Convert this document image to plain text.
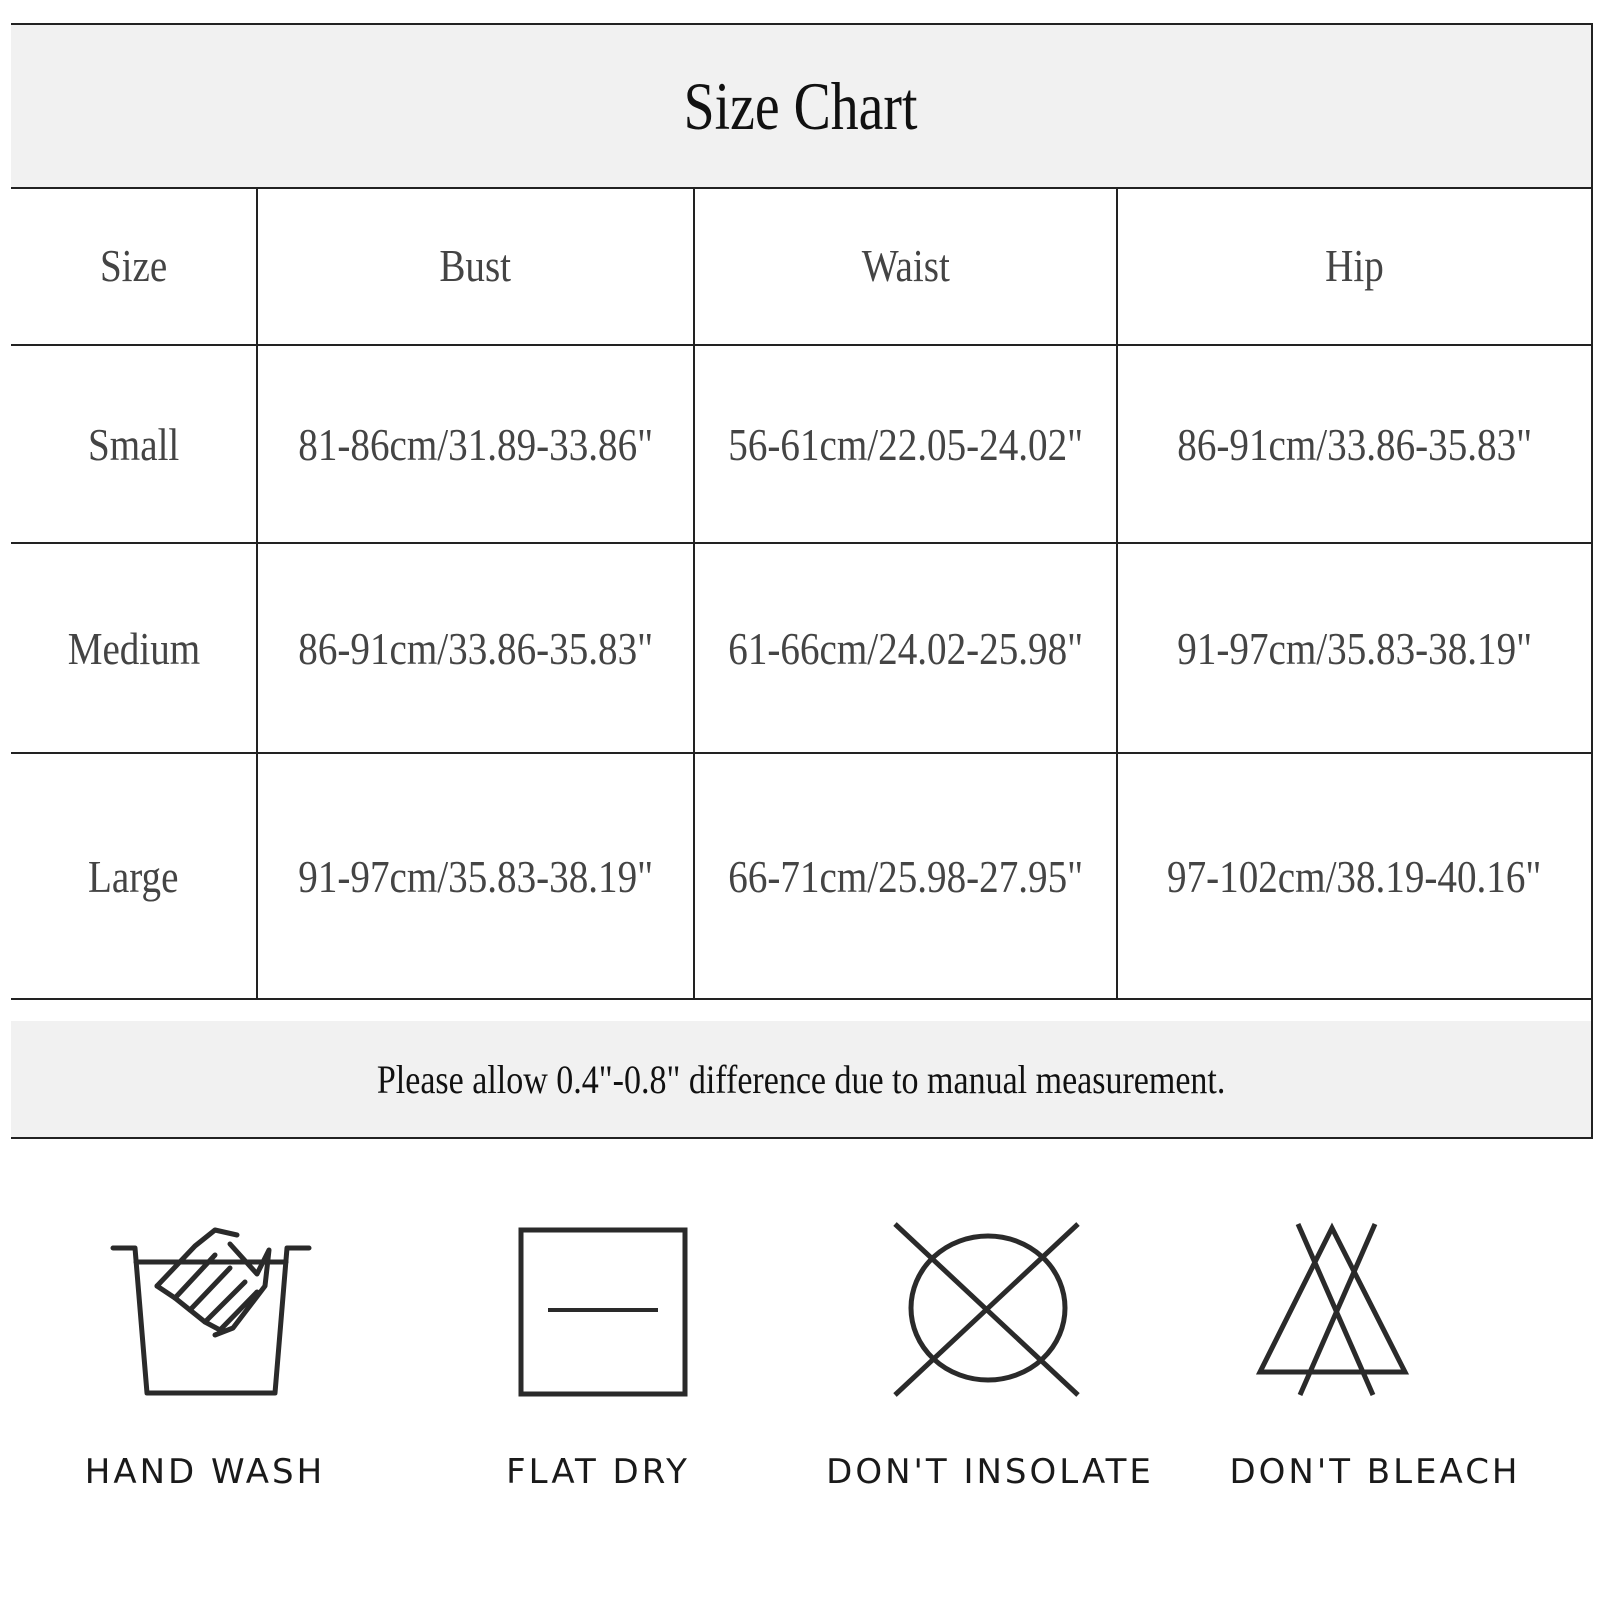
Size Chart
Size	Bust	Waist	Hip
Small	81-86cm/31.89-33.86"	56-61cm/22.05-24.02"	86-91cm/33.86-35.83"
Medium	86-91cm/33.86-35.83"	61-66cm/24.02-25.98"	91-97cm/35.83-38.19"
Large	91-97cm/35.83-38.19"	66-71cm/25.98-27.95"	97-102cm/38.19-40.16"
Please allow 0.4"-0.8" difference due to manual measurement.
HAND WASH	FLAT DRY	DON'T INSOLATE	DON'T BLEACH
